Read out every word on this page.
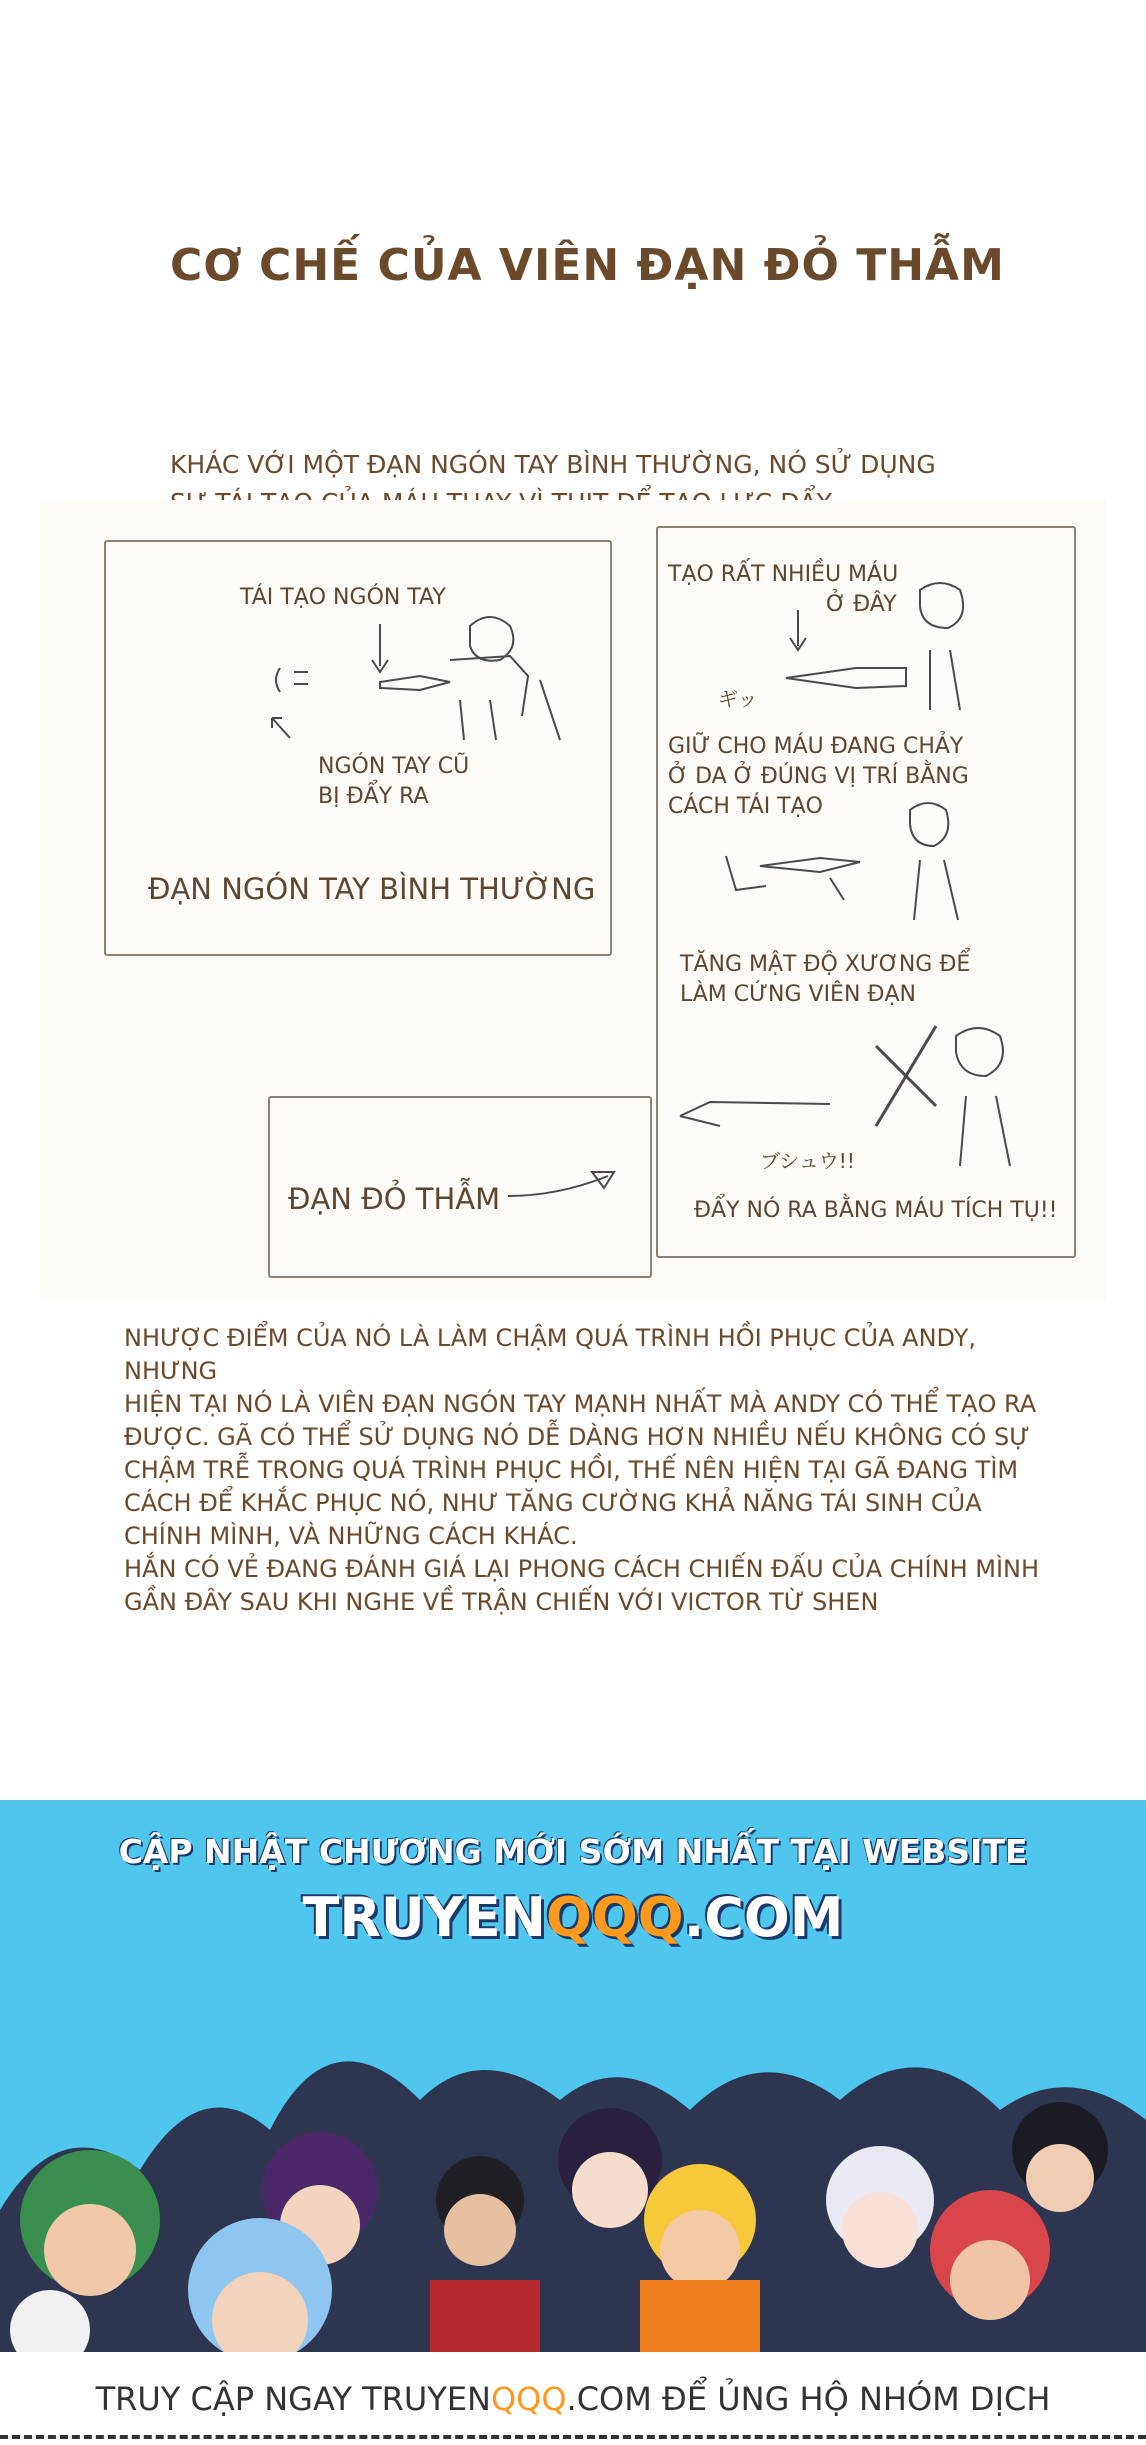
CƠ CHẾ CỦA VIÊN ĐẠN ĐỎ THẪM
KHÁC VỚI MỘT ĐẠN NGÓN TAY BÌNH THƯỜNG, NÓ SỬ DỤNG
TÁI TẠO NGÓN TAY
NGÓN TAY CŨ
BỊ ĐẨY RA
ĐẠN NGÓN TAY BÌNH THƯỜNG
TẠO RẤT NHIỀU MÁU
Ở ĐÂY
ギッ
GIỮ CHO MÁU ĐANG CHẢY
Ở DA Ở ĐÚNG VỊ TRÍ BẰNG
CÁCH TÁI TẠO
TĂNG MẬT ĐỘ XƯƠNG ĐỂ
LÀM CỨNG VIÊN ĐẠN
ブシュウ!!
ĐẨY NÓ RA BẰNG MÁU TÍCH TỤ!!
ĐẠN ĐỎ THẪM

NHƯỢC ĐIỂM CỦA NÓ LÀ LÀM CHẬM QUÁ TRÌNH HỒI PHỤC CỦA ANDY, NHƯNG

HIỆN TẠI NÓ LÀ VIÊN ĐẠN NGÓN TAY MẠNH NHẤT MÀ ANDY CÓ THỂ TẠO RA

ĐƯỢC. GÃ CÓ THỂ SỬ DỤNG NÓ DỄ DÀNG HƠN NHIỀU NẾU KHÔNG CÓ SỰ

CHẬM TRỄ TRONG QUÁ TRÌNH PHỤC HỒI, THẾ NÊN HIỆN TẠI GÃ ĐANG TÌM

CÁCH ĐỂ KHẮC PHỤC NÓ, NHƯ TĂNG CƯỜNG KHẢ NĂNG TÁI SINH CỦA

CHÍNH MÌNH, VÀ NHỮNG CÁCH KHÁC.

HẮN CÓ VẺ ĐANG ĐÁNH GIÁ LẠI PHONG CÁCH CHIẾN ĐẤU CỦA CHÍNH MÌNH

GẦN ĐÂY SAU KHI NGHE VỀ TRẬN CHIẾN VỚI VICTOR TỪ SHEN

CẬP NHẬT CHƯƠNG MỚI SỚM NHẤT TẠI WEBSITE
TRUYENQQQ.COM
TRUY CẬP NGAY TRUYENQQQ.COM ĐỂ ỦNG HỘ NHÓM DỊCH
